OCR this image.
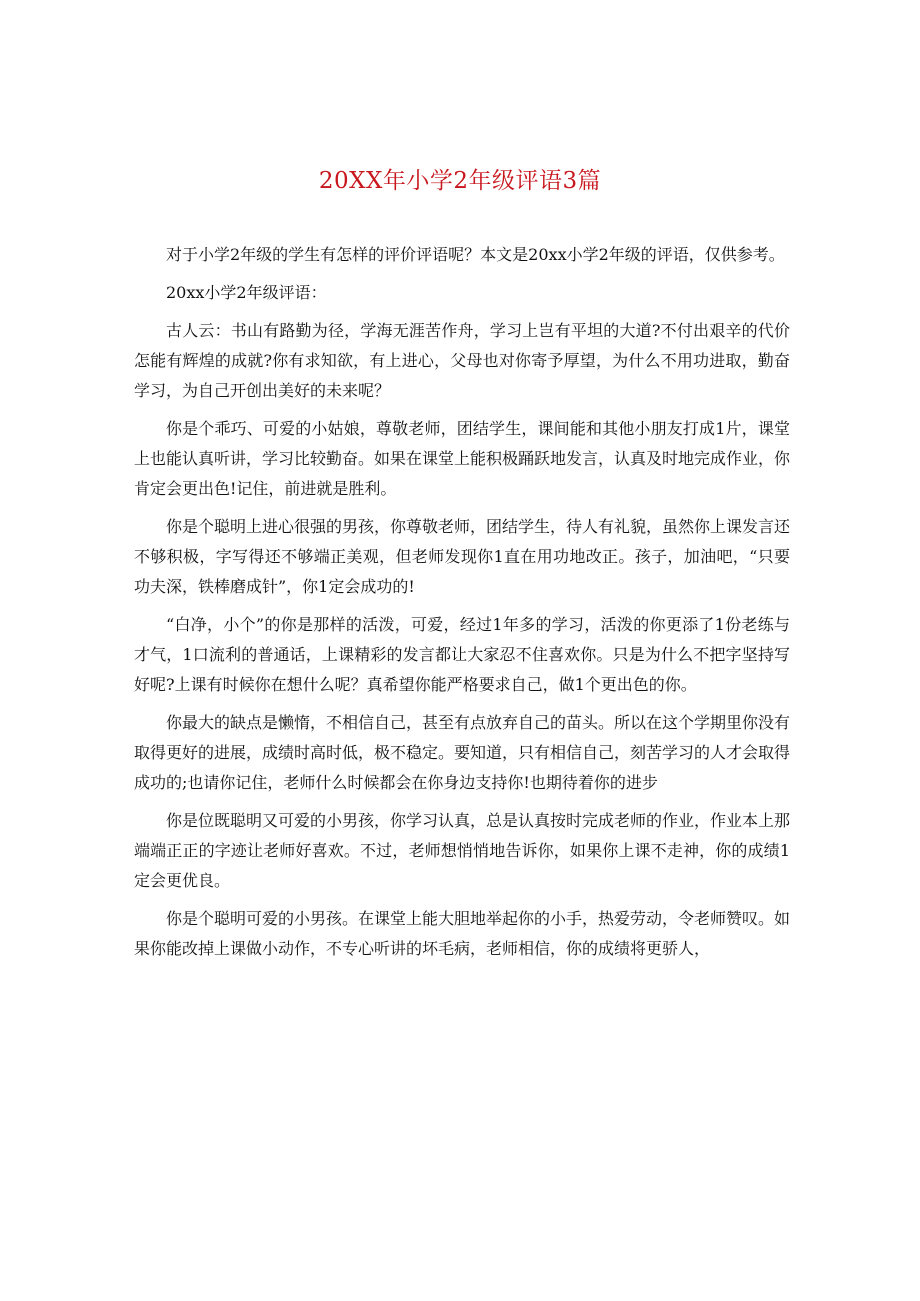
20XX年小学2年级评语3篇

对于小学2年级的学生有怎样的评价评语呢？本文是20xx小学2年级的评语，仅供参考。

20xx小学2年级评语：

古人云：书山有路勤为径，学海无涯苦作舟，学习上岂有平坦的大道?不付出艰辛的代价怎能有辉煌的成就?你有求知欲，有上进心，父母也对你寄予厚望，为什么不用功进取，勤奋学习，为自己开创出美好的未来呢？

你是个乖巧、可爱的小姑娘，尊敬老师，团结学生，课间能和其他小朋友打成1片，课堂上也能认真听讲，学习比较勤奋。如果在课堂上能积极踊跃地发言，认真及时地完成作业，你肯定会更出色!记住，前进就是胜利。

你是个聪明上进心很强的男孩，你尊敬老师，团结学生，待人有礼貌，虽然你上课发言还不够积极，字写得还不够端正美观，但老师发现你1直在用功地改正。孩子，加油吧，“只要功夫深，铁棒磨成针”，你1定会成功的!

“白净，小个”的你是那样的活泼，可爱，经过1年多的学习，活泼的你更添了1份老练与才气，1口流利的普通话，上课精彩的发言都让大家忍不住喜欢你。只是为什么不把字坚持写好呢?上课有时候你在想什么呢？真希望你能严格要求自己，做1个更出色的你。

你最大的缺点是懒惰，不相信自己，甚至有点放弃自己的苗头。所以在这个学期里你没有取得更好的进展，成绩时高时低，极不稳定。要知道，只有相信自己，刻苦学习的人才会取得成功的;也请你记住，老师什么时候都会在你身边支持你!也期待着你的进步

你是位既聪明又可爱的小男孩，你学习认真，总是认真按时完成老师的作业，作业本上那端端正正的字迹让老师好喜欢。不过，老师想悄悄地告诉你，如果你上课不走神，你的成绩1定会更优良。

你是个聪明可爱的小男孩。在课堂上能大胆地举起你的小手，热爱劳动，令老师赞叹。如果你能改掉上课做小动作，不专心听讲的坏毛病，老师相信，你的成绩将更骄人，
